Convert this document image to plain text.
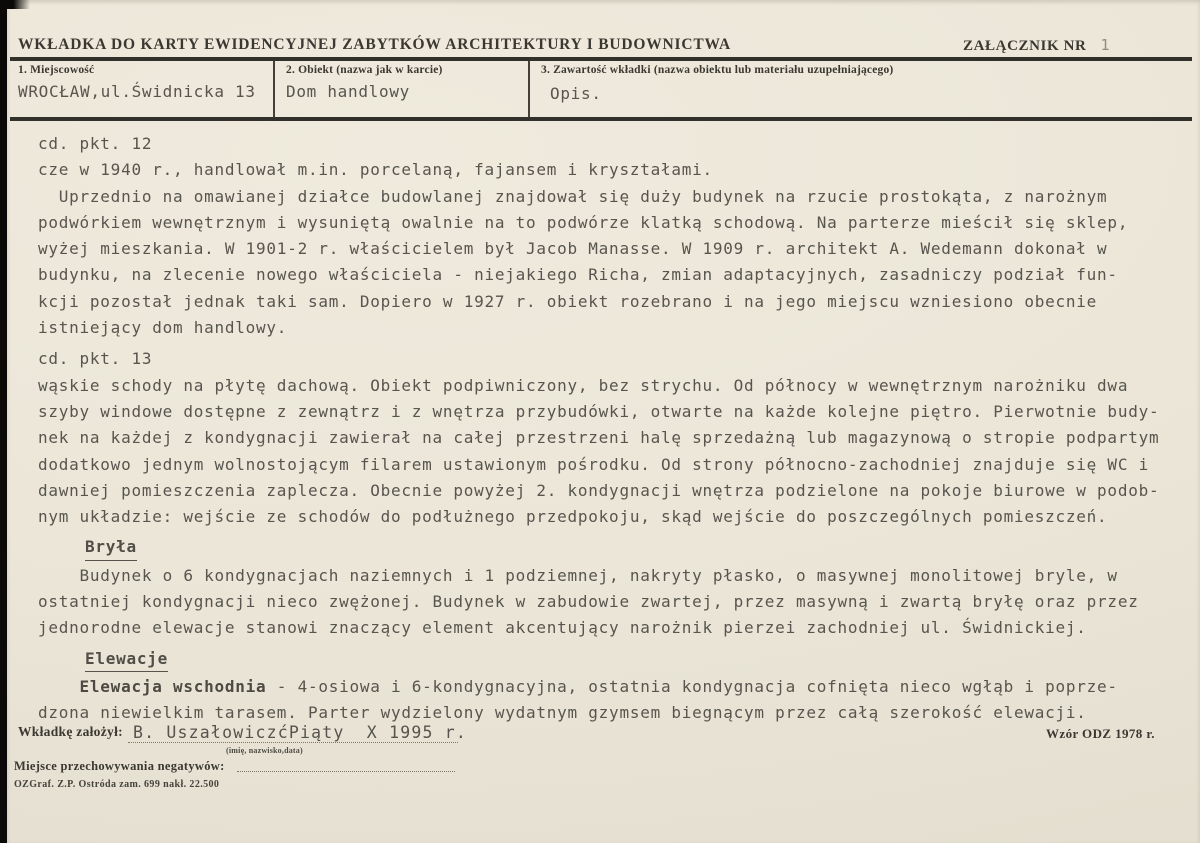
WKŁADKA DO KARTY EWIDENCYJNEJ ZABYTKÓW ARCHITEKTURY I BUDOWNICTWA	ZAŁĄCZNIK NR 1
1. Miejscowość
WROCŁAW,ul.Świdnicka 13
2. Obiekt (nazwa jak w karcie)
Dom handlowy
3. Zawartość wkładki (nazwa obiektu lub materiału uzupełniającego)
Opis.
cd. pkt. 12
cze w 1940 r., handlował m.in. porcelaną, fajansem i kryształami.
Uprzednio na omawianej działce budowlanej znajdował się duży budynek na rzucie prostokąta, z narożnym
podwórkiem wewnętrznym i wysuniętą owalnie na to podwórze klatką schodową. Na parterze mieścił się sklep,
wyżej mieszkania. W 1901-2 r. właścicielem był Jacob Manasse. W 1909 r. architekt A. Wedemann dokonał w
budynku, na zlecenie nowego właściciela - niejakiego Richa, zmian adaptacyjnych, zasadniczy podział fun-
kcji pozostał jednak taki sam. Dopiero w 1927 r. obiekt rozebrano i na jego miejscu wzniesiono obecnie
istniejący dom handlowy.
cd. pkt. 13
wąskie schody na płytę dachową. Obiekt podpiwniczony, bez strychu. Od północy w wewnętrznym narożniku dwa
szyby windowe dostępne z zewnątrz i z wnętrza przybudówki, otwarte na każde kolejne piętro. Pierwotnie budy-
nek na każdej z kondygnacji zawierał na całej przestrzeni halę sprzedażną lub magazynową o stropie podpartym
dodatkowo jednym wolnostojącym filarem ustawionym pośrodku. Od strony północno-zachodniej znajduje się WC i
dawniej pomieszczenia zaplecza. Obecnie powyżej 2. kondygnacji wnętrza podzielone na pokoje biurowe w podob-
nym układzie: wejście ze schodów do podłużnego przedpokoju, skąd wejście do poszczególnych pomieszczeń.
Bryła
Budynek o 6 kondygnacjach naziemnych i 1 podziemnej, nakryty płasko, o masywnej monolitowej bryle, w
ostatniej kondygnacji nieco zwężonej. Budynek w zabudowie zwartej, przez masywną i zwartą bryłę oraz przez
jednorodne elewacje stanowi znaczący element akcentujący narożnik pierzei zachodniej ul. Świdnickiej.
Elewacje
Elewacja wschodnia - 4-osiowa i 6-kondygnacyjna, ostatnia kondygnacja cofnięta nieco wgłąb i poprze-
dzona niewielkim tarasem. Parter wydzielony wydatnym gzymsem biegnącym przez całą szerokość elewacji.
Wkładkę założył: B. UszałowiczćPiąty  X 1995 r.
(imię, nazwisko,data)
Wzór ODZ 1978 r.
Miejsce przechowywania negatywów:
OZGraf. Z.P. Ostróda zam. 699 nakł. 22.500
